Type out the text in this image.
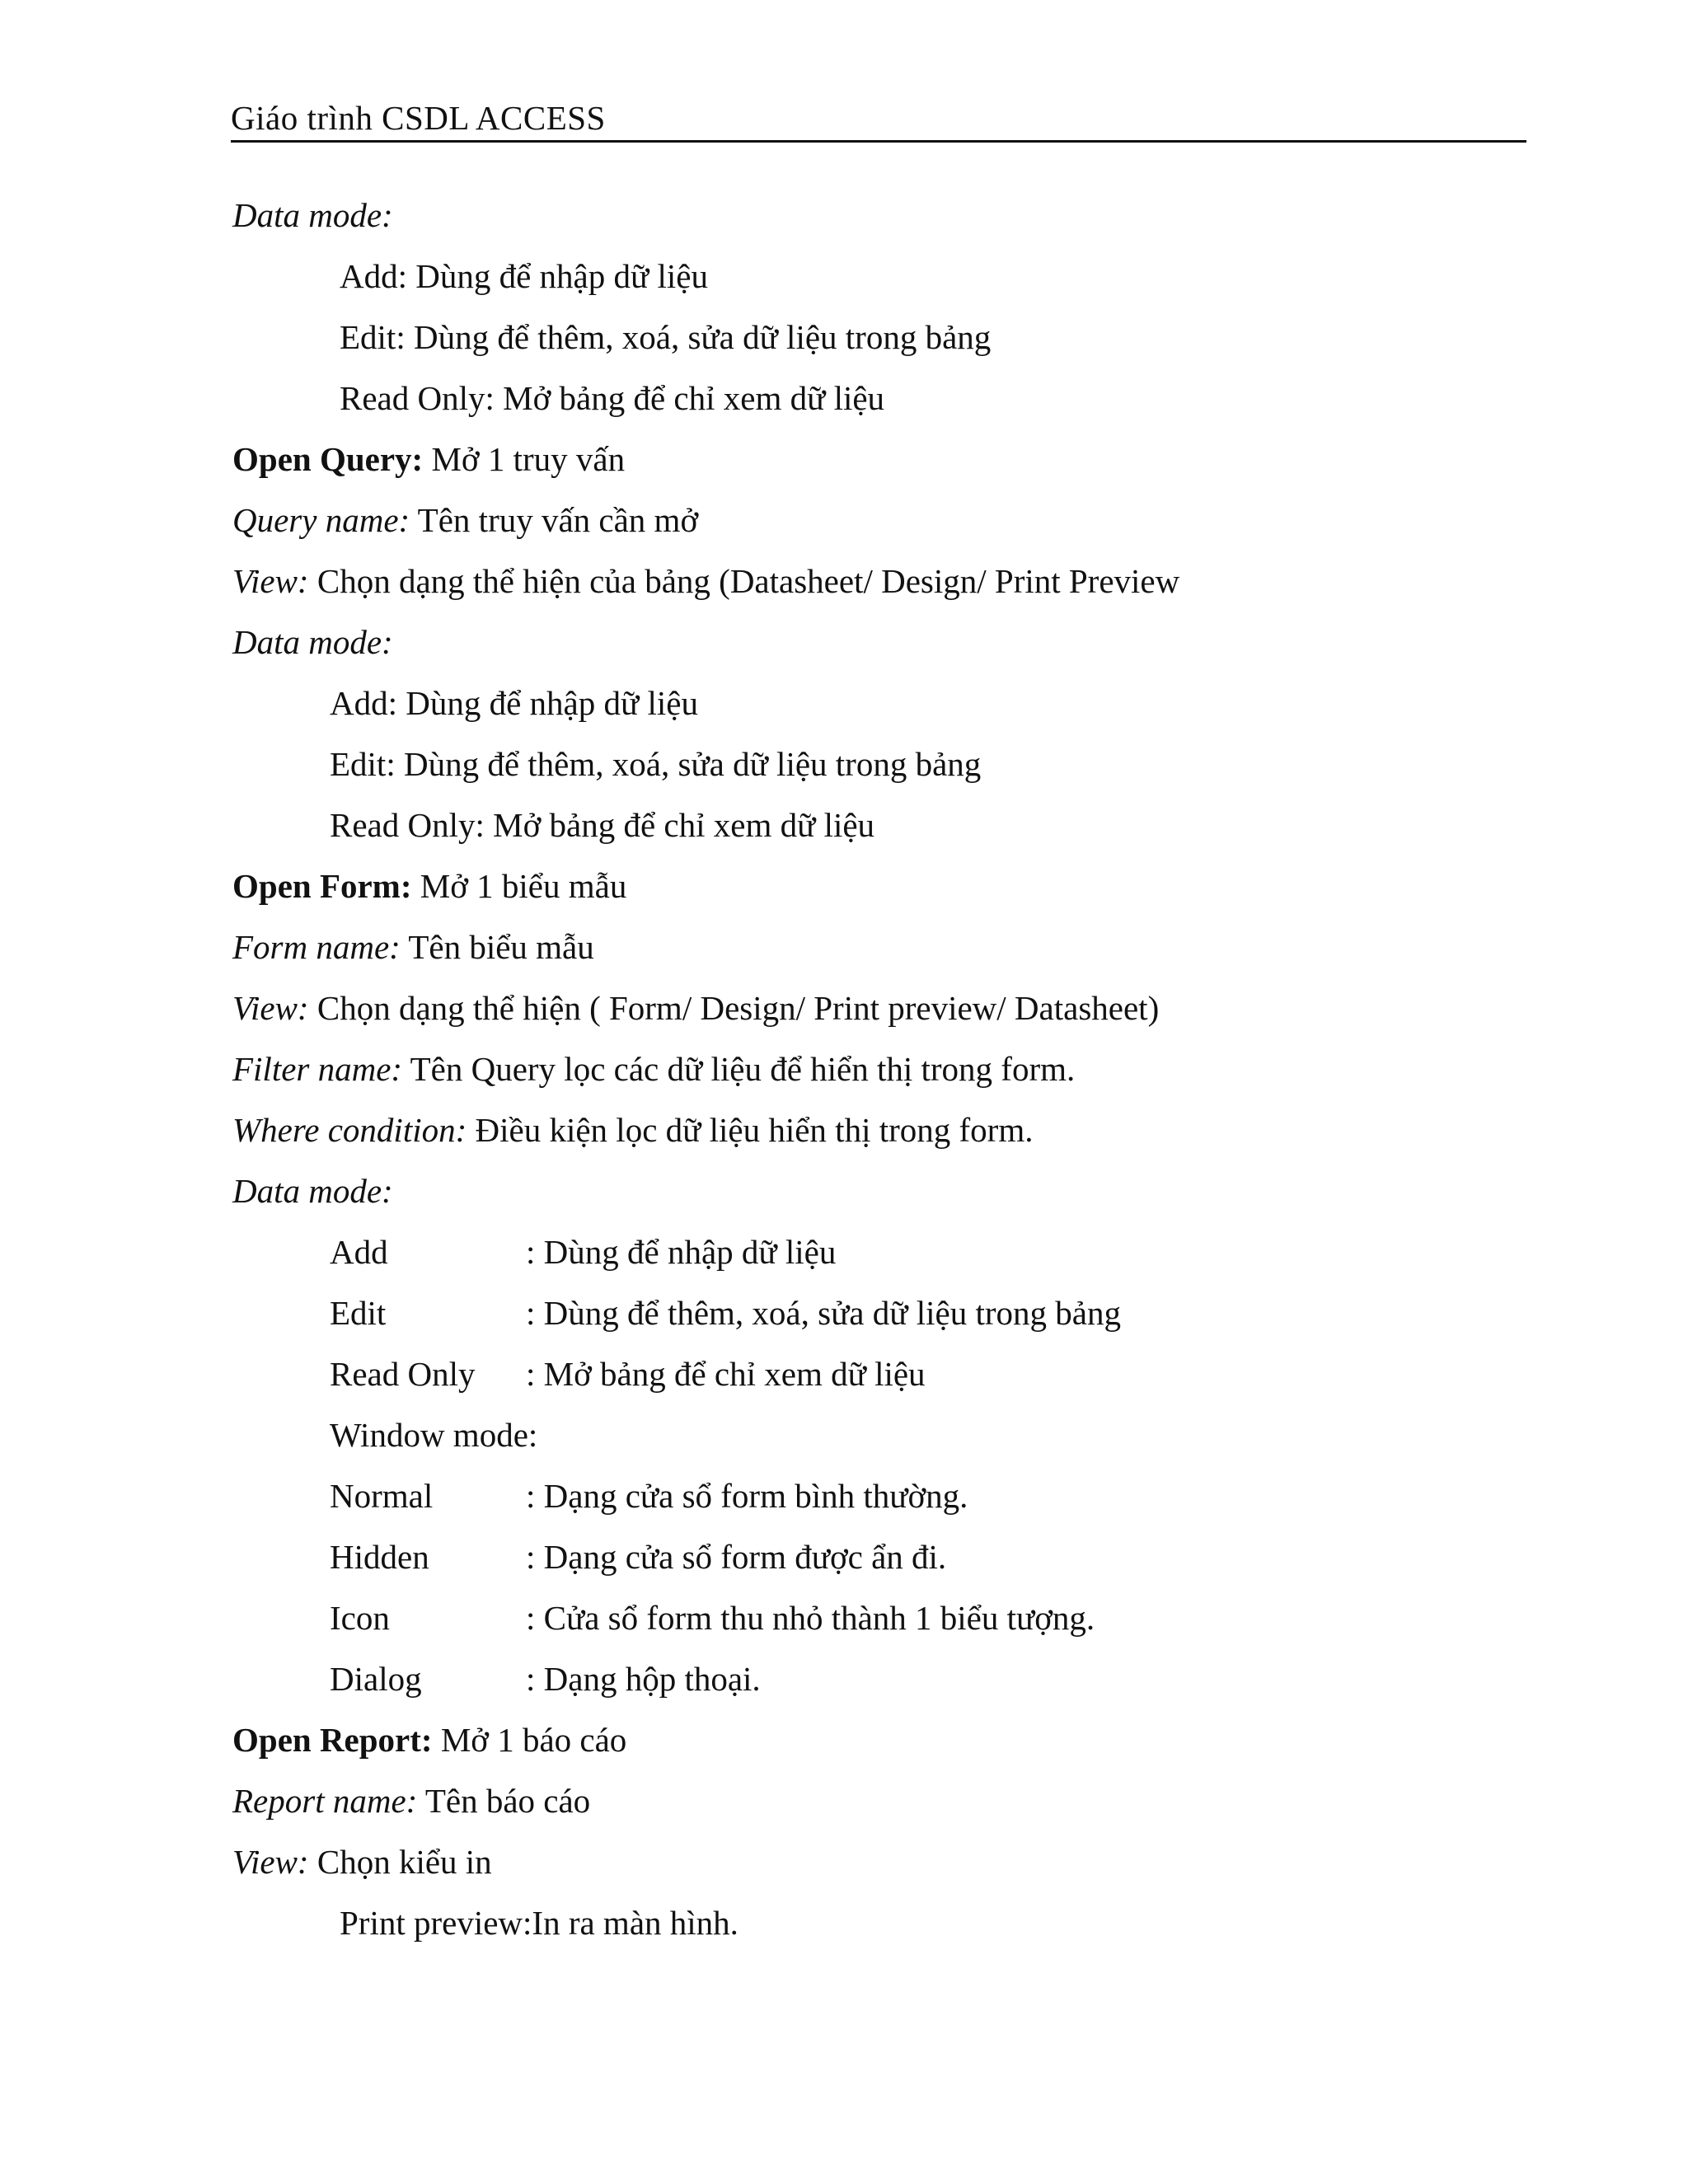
Giáo trình CSDL ACCESS
Data mode:
Add: Dùng để nhập dữ liệu
Edit: Dùng để thêm, xoá, sửa dữ liệu trong bảng
Read Only: Mở bảng để chỉ xem dữ liệu
Open Query: Mở 1 truy vấn
Query name: Tên truy vấn cần mở
View: Chọn dạng thể hiện của bảng (Datasheet/ Design/ Print Preview
Data mode:
Add: Dùng để nhập dữ liệu
Edit: Dùng để thêm, xoá, sửa dữ liệu trong bảng
Read Only: Mở bảng để chỉ xem dữ liệu
Open Form: Mở 1 biểu mẫu
Form name: Tên biểu mẫu
View: Chọn dạng thể hiện ( Form/ Design/ Print preview/ Datasheet)
Filter name: Tên Query lọc các dữ liệu để hiển thị trong form.
Where condition: Điều kiện lọc dữ liệu hiển thị trong form.
Data mode:
Add	: Dùng để nhập dữ liệu
Edit	: Dùng để thêm, xoá, sửa dữ liệu trong bảng
Read Only : Mở bảng để chỉ xem dữ liệu
Window mode:
Normal	: Dạng cửa sổ form bình thường.
Hidden	: Dạng cửa sổ form được ẩn đi.
Icon	: Cửa sổ form thu nhỏ thành 1 biểu tượng.
Dialog	: Dạng hộp thoại.
Open Report: Mở 1 báo cáo
Report name: Tên báo cáo
View: Chọn kiểu in
Print preview:In ra màn hình.
